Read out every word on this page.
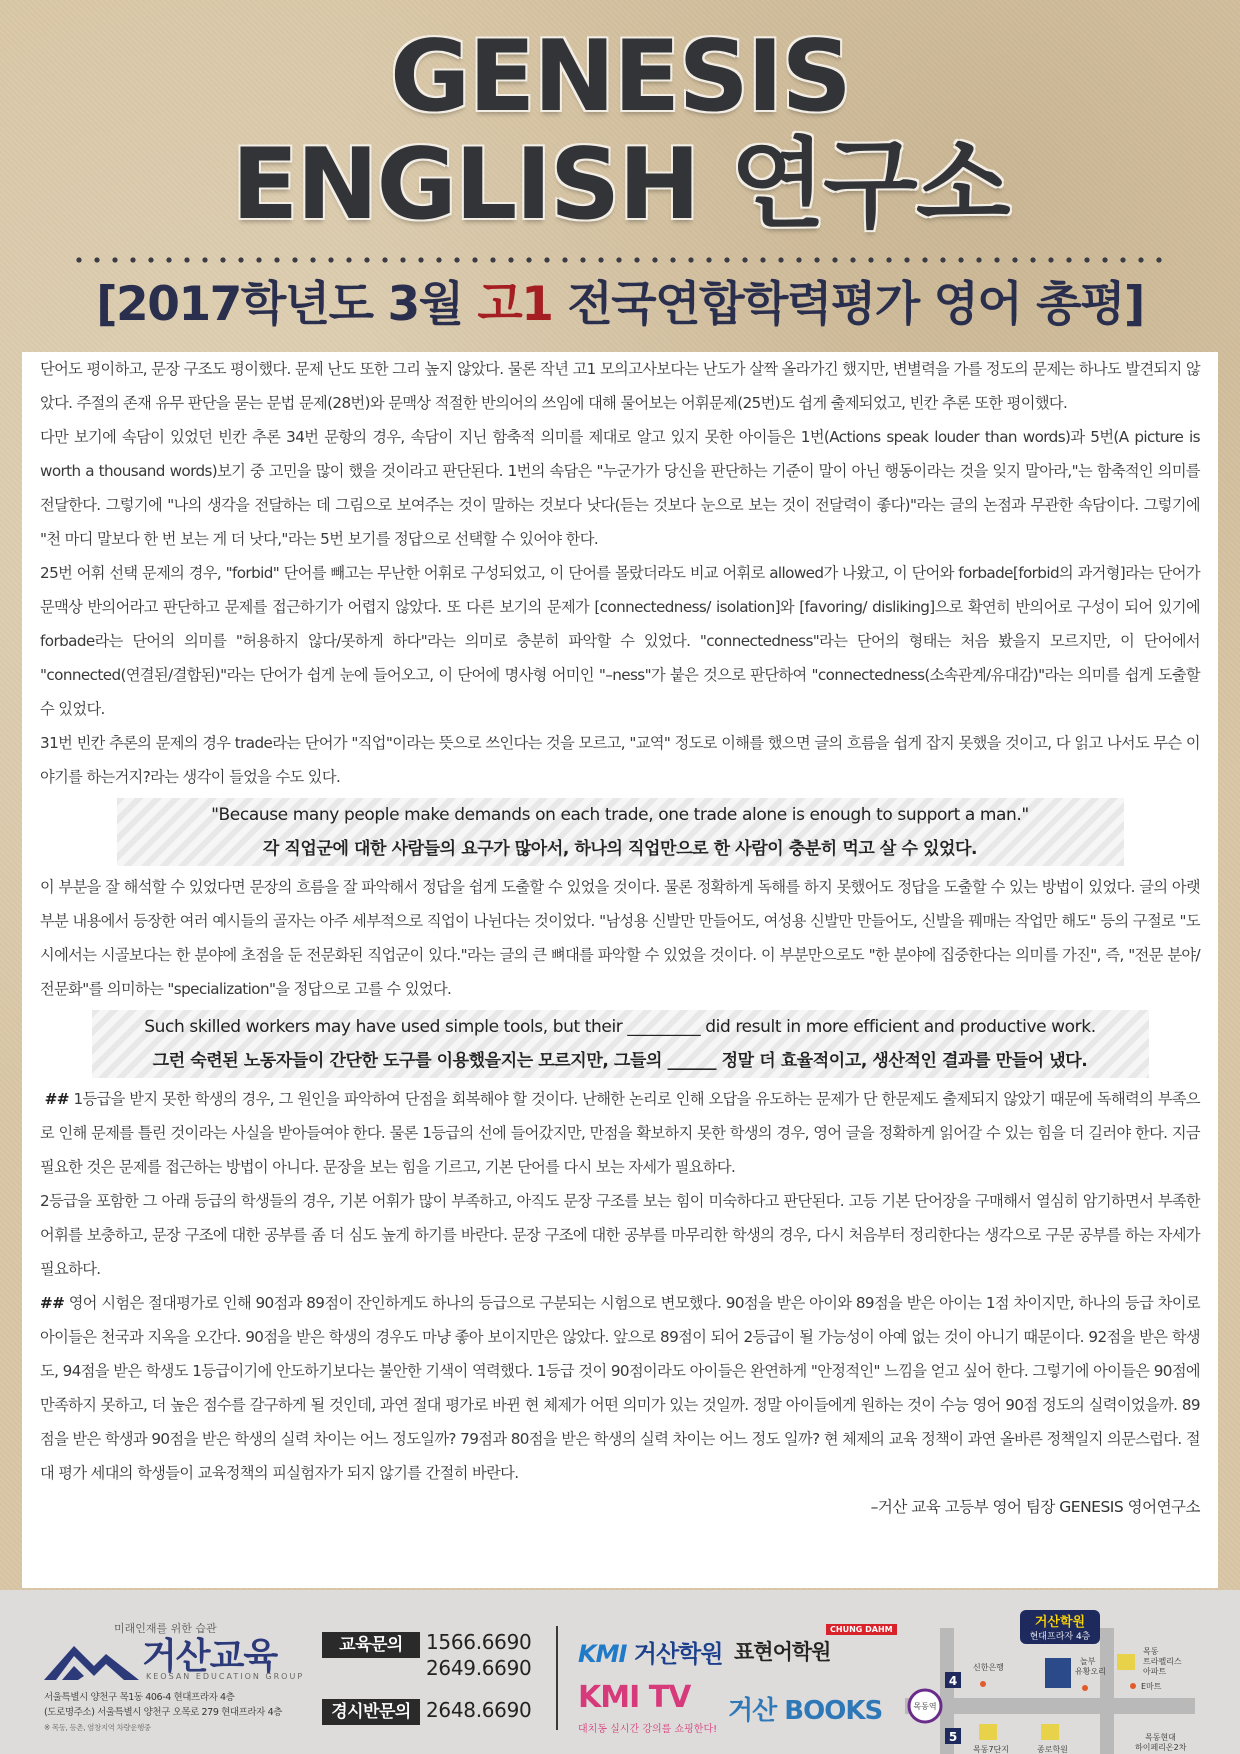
GENESIS
ENGLISH 연구소
[2017학년도 3월 고1 전국연합학력평가 영어 총평]

단어도 평이하고, 문장 구조도 평이했다. 문제 난도 또한 그리 높지 않았다. 물론 작년 고1 모의고사보다는 난도가 살짝 올라가긴 했지만, 변별력을 가를 정도의 문제는 하나도 발견되지 않았다. 주절의 존재 유무 판단을 묻는 문법 문제(28번)와 문맥상 적절한 반의어의 쓰임에 대해 물어보는 어휘문제(25번)도 쉽게 출제되었고, 빈칸 추론 또한 평이했다.

다만 보기에 속담이 있었던 빈칸 추론 34번 문항의 경우, 속담이 지닌 함축적 의미를 제대로 알고 있지 못한 아이들은 1번(Actions speak louder than words)과 5번(A picture is worth a thousand words)보기 중 고민을 많이 했을 것이라고 판단된다. 1번의 속담은 "누군가가 당신을 판단하는 기준이 말이 아닌 행동이라는 것을 잊지 말아라,"는 함축적인 의미를 전달한다. 그렇기에 "나의 생각을 전달하는 데 그림으로 보여주는 것이 말하는 것보다 낫다(듣는 것보다 눈으로 보는 것이 전달력이 좋다)"라는 글의 논점과 무관한 속담이다. 그렇기에 "천 마디 말보다 한 번 보는 게 더 낫다,"라는 5번 보기를 정답으로 선택할 수 있어야 한다.

25번 어휘 선택 문제의 경우, "forbid" 단어를 빼고는 무난한 어휘로 구성되었고, 이 단어를 몰랐더라도 비교 어휘로 allowed가 나왔고, 이 단어와 forbade[forbid의 과거형]라는 단어가 문맥상 반의어라고 판단하고 문제를 접근하기가 어렵지 않았다. 또 다른 보기의 문제가 [connectedness/ isolation]와 [favoring/ disliking]으로 확연히 반의어로 구성이 되어 있기에 forbade라는 단어의 의미를 "허용하지 않다/못하게 하다"라는 의미로 충분히 파악할 수 있었다. "connectedness"라는 단어의 형태는 처음 봤을지 모르지만, 이 단어에서 "connected(연결된/결합된)"라는 단어가 쉽게 눈에 들어오고, 이 단어에 명사형 어미인 "–ness"가 붙은 것으로 판단하여 "connectedness(소속관계/유대감)"라는 의미를 쉽게 도출할 수 있었다.

31번 빈칸 추론의 문제의 경우 trade라는 단어가 "직업"이라는 뜻으로 쓰인다는 것을 모르고, "교역" 정도로 이해를 했으면 글의 흐름을 쉽게 잡지 못했을 것이고, 다 읽고 나서도 무슨 이야기를 하는거지?라는 생각이 들었을 수도 있다.

"Because many people make demands on each trade, one trade alone is enough to support a man."
각 직업군에 대한 사람들의 요구가 많아서, 하나의 직업만으로 한 사람이 충분히 먹고 살 수 있었다.

이 부분을 잘 해석할 수 있었다면 문장의 흐름을 잘 파악해서 정답을 쉽게 도출할 수 있었을 것이다. 물론 정확하게 독해를 하지 못했어도 정답을 도출할 수 있는 방법이 있었다. 글의 아랫부분 내용에서 등장한 여러 예시들의 골자는 아주 세부적으로 직업이 나뉜다는 것이었다. "남성용 신발만 만들어도, 여성용 신발만 만들어도, 신발을 꿰매는 작업만 해도" 등의 구절로 "도시에서는 시골보다는 한 분야에 초점을 둔 전문화된 직업군이 있다."라는 글의 큰 뼈대를 파악할 수 있었을 것이다. 이 부분만으로도 "한 분야에 집중한다는 의미를 가진", 즉, "전문 분야/전문화"를 의미하는 "specialization"을 정답으로 고를 수 있었다.

Such skilled workers may have used simple tools, but their _________ did result in more efficient and productive work.
그런 숙련된 노동자들이 간단한 도구를 이용했을지는 모르지만, 그들의 ______ 정말 더 효율적이고, 생산적인 결과를 만들어 냈다.

## 1등급을 받지 못한 학생의 경우, 그 원인을 파악하여 단점을 회복해야 할 것이다. 난해한 논리로 인해 오답을 유도하는 문제가 단 한문제도 출제되지 않았기 때문에 독해력의 부족으로 인해 문제를 틀린 것이라는 사실을 받아들여야 한다. 물론 1등급의 선에 들어갔지만, 만점을 확보하지 못한 학생의 경우, 영어 글을 정확하게 읽어갈 수 있는 힘을 더 길러야 한다. 지금 필요한 것은 문제를 접근하는 방법이 아니다. 문장을 보는 힘을 기르고, 기본 단어를 다시 보는 자세가 필요하다.

2등급을 포함한 그 아래 등급의 학생들의 경우, 기본 어휘가 많이 부족하고, 아직도 문장 구조를 보는 힘이 미숙하다고 판단된다. 고등 기본 단어장을 구매해서 열심히 암기하면서 부족한 어휘를 보충하고, 문장 구조에 대한 공부를 좀 더 심도 높게 하기를 바란다. 문장 구조에 대한 공부를 마무리한 학생의 경우, 다시 처음부터 정리한다는 생각으로 구문 공부를 하는 자세가 필요하다.

## 영어 시험은 절대평가로 인해 90점과 89점이 잔인하게도 하나의 등급으로 구분되는 시험으로 변모했다. 90점을 받은 아이와 89점을 받은 아이는 1점 차이지만, 하나의 등급 차이로 아이들은 천국과 지옥을 오간다. 90점을 받은 학생의 경우도 마냥 좋아 보이지만은 않았다. 앞으로 89점이 되어 2등급이 될 가능성이 아예 없는 것이 아니기 때문이다. 92점을 받은 학생도, 94점을 받은 학생도 1등급이기에 안도하기보다는 불안한 기색이 역력했다. 1등급 것이 90점이라도 아이들은 완연하게 "안정적인" 느낌을 얻고 싶어 한다. 그렇기에 아이들은 90점에 만족하지 못하고, 더 높은 점수를 갈구하게 될 것인데, 과연 절대 평가로 바뀐 현 체제가 어떤 의미가 있는 것일까. 정말 아이들에게 원하는 것이 수능 영어 90점 정도의 실력이었을까. 89점을 받은 학생과 90점을 받은 학생의 실력 차이는 어느 정도일까? 79점과 80점을 받은 학생의 실력 차이는 어느 정도 일까? 현 체제의 교육 정책이 과연 올바른 정책일지 의문스럽다. 절대 평가 세대의 학생들이 교육정책의 피실험자가 되지 않기를 간절히 바란다.

–거산 교육 고등부 영어 팀장 GENESIS 영어연구소

미래인재를 위한 습관
거산교육
KEOSAN EDUCATION GROUP
서울특별시 양천구 목1동 406-4 현대프라자 4층
(도로명주소) 서울특별시 양천구 오목로 279 현대프라자 4층
※ 목동, 등촌, 염창지역 차량운행중
교육문의	1566.6690
2649.6690
경시반문의 2648.6690
KMI 거산학원 표현어학원
CHUNG DAHM
KMI TV
대치동 실시간 강의를 쇼핑한다!
거산 BOOKS
거산학원
현대프라자 4층
목동역
4
5
신한은행
놀부
유황오리
목동
트라펠리스
아파트
E마트
목동7단지	종로학원
목동현대
하이페리온2차
